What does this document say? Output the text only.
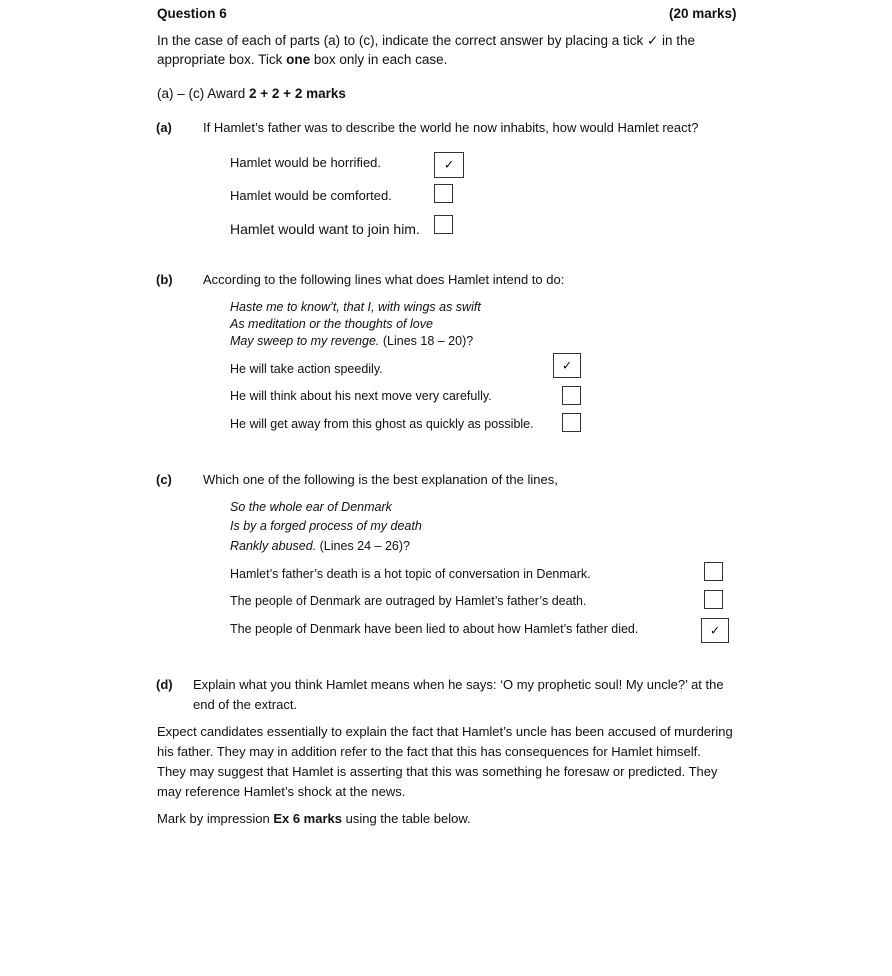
Question 6	(20 marks)
In the case of each of parts (a) to (c), indicate the correct answer by placing a tick ✓ in the
appropriate box. Tick one box only in each case.
(a) – (c) Award 2 + 2 + 2 marks
(a) If Hamlet’s father was to describe the world he now inhabits, how would Hamlet react?
Hamlet would be horrified.	✓
Hamlet would be comforted.
Hamlet would want to join him.
(b) According to the following lines what does Hamlet intend to do:
Haste me to know’t, that I, with wings as swift
As meditation or the thoughts of love
May sweep to my revenge. (Lines 18 – 20)?
He will take action speedily.	✓
He will think about his next move very carefully.
He will get away from this ghost as quickly as possible.
(c) Which one of the following is the best explanation of the lines,
So the whole ear of Denmark
Is by a forged process of my death
Rankly abused. (Lines 24 – 26)?
Hamlet’s father’s death is a hot topic of conversation in Denmark.
The people of Denmark are outraged by Hamlet’s father’s death.
The people of Denmark have been lied to about how Hamlet’s father died.	✓
(d) Explain what you think Hamlet means when he says: ‘O my prophetic soul! My uncle?’ at the
end of the extract.
Expect candidates essentially to explain the fact that Hamlet’s uncle has been accused of murdering
his father. They may in addition refer to the fact that this has consequences for Hamlet himself.
They may suggest that Hamlet is asserting that this was something he foresaw or predicted. They
may reference Hamlet’s shock at the news.
Mark by impression Ex 6 marks using the table below.
